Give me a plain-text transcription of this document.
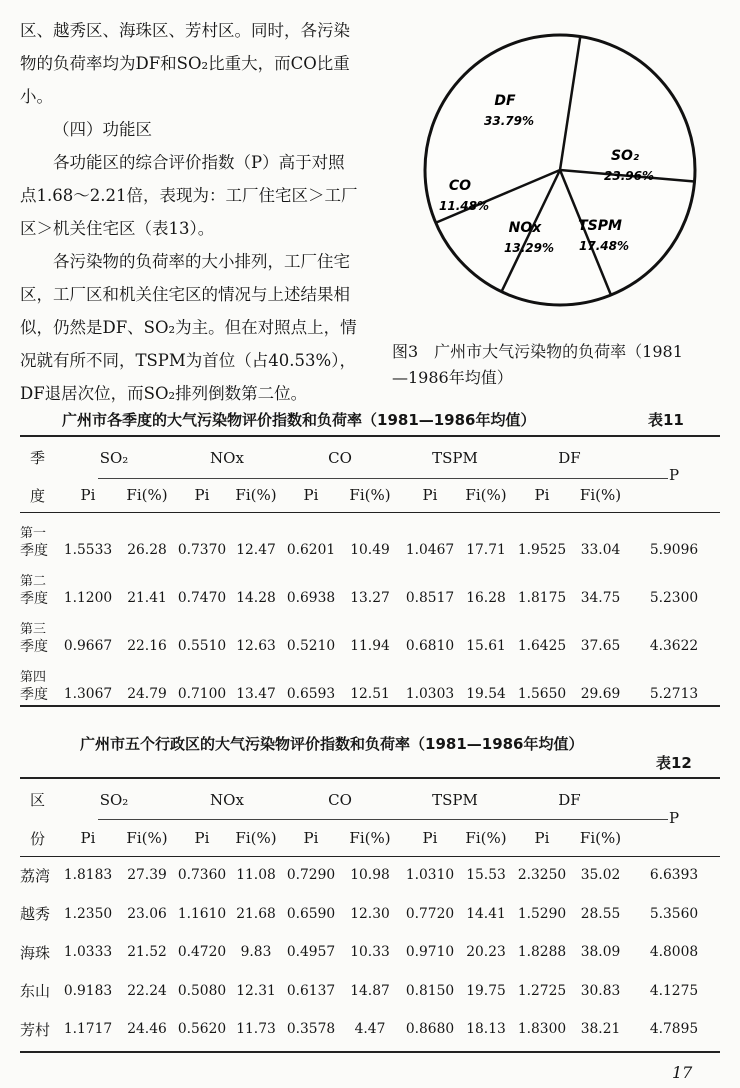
区、越秀区、海珠区、芳村区。同时，各污染物的负荷率均为DF和SO₂比重大，而CO比重小。

（四）功能区

各功能区的综合评价指数（P）高于对照点1.68～2.21倍，表现为：工厂住宅区＞工厂区＞机关住宅区（表13）。

各污染物的负荷率的大小排列，工厂住宅区，工厂区和机关住宅区的情况与上述结果相似，仍然是DF、SO₂为主。但在对照点上，情况就有所不同，TSPM为首位（占40.53%），DF退居次位，而SO₂排列倒数第二位。

DF
33.79%
SO₂
23.96%
TSPM
17.48%
NOx
13.29%
CO
11.48%
图3　广州市大气污染物的负荷率（1981
—1986年均值）
广州市各季度的大气污染物评价指数和负荷率（1981—1986年均值）	表11
季	SO₂		NOx		CO		TSPM		DF		P
度	Pi	Fi(%)	Pi	Fi(%)	Pi	Fi(%)	Pi	Fi(%)	Pi	Fi(%)	

第一
季度	1.5533	26.28	0.7370	12.47	0.6201	10.49	1.0467	17.71	1.9525	33.04	5.9096

第二
季度	1.1200	21.41	0.7470	14.28	0.6938	13.27	0.8517	16.28	1.8175	34.75	5.2300

第三
季度	0.9667	22.16	0.5510	12.63	0.5210	11.94	0.6810	15.61	1.6425	37.65	4.3622

第四
季度	1.3067	24.79	0.7100	13.47	0.6593	12.51	1.0303	19.54	1.5650	29.69	5.2713
广州市五个行政区的大气污染物评价指数和负荷率（1981—1986年均值）
表12
区	SO₂		NOx		CO		TSPM		DF		P
份	Pi	Fi(%)	Pi	Fi(%)	Pi	Fi(%)	Pi	Fi(%)	Pi	Fi(%)	
荔湾	1.8183	27.39	0.7360	11.08	0.7290	10.98	1.0310	15.53	2.3250	35.02	6.6393
越秀	1.2350	23.06	1.1610	21.68	0.6590	12.30	0.7720	14.41	1.5290	28.55	5.3560
海珠	1.0333	21.52	0.4720	9.83	0.4957	10.33	0.9710	20.23	1.8288	38.09	4.8008
东山	0.9183	22.24	0.5080	12.31	0.6137	14.87	0.8150	19.75	1.2725	30.83	4.1275
芳村	1.1717	24.46	0.5620	11.73	0.3578	4.47	0.8680	18.13	1.8300	38.21	4.7895
17
